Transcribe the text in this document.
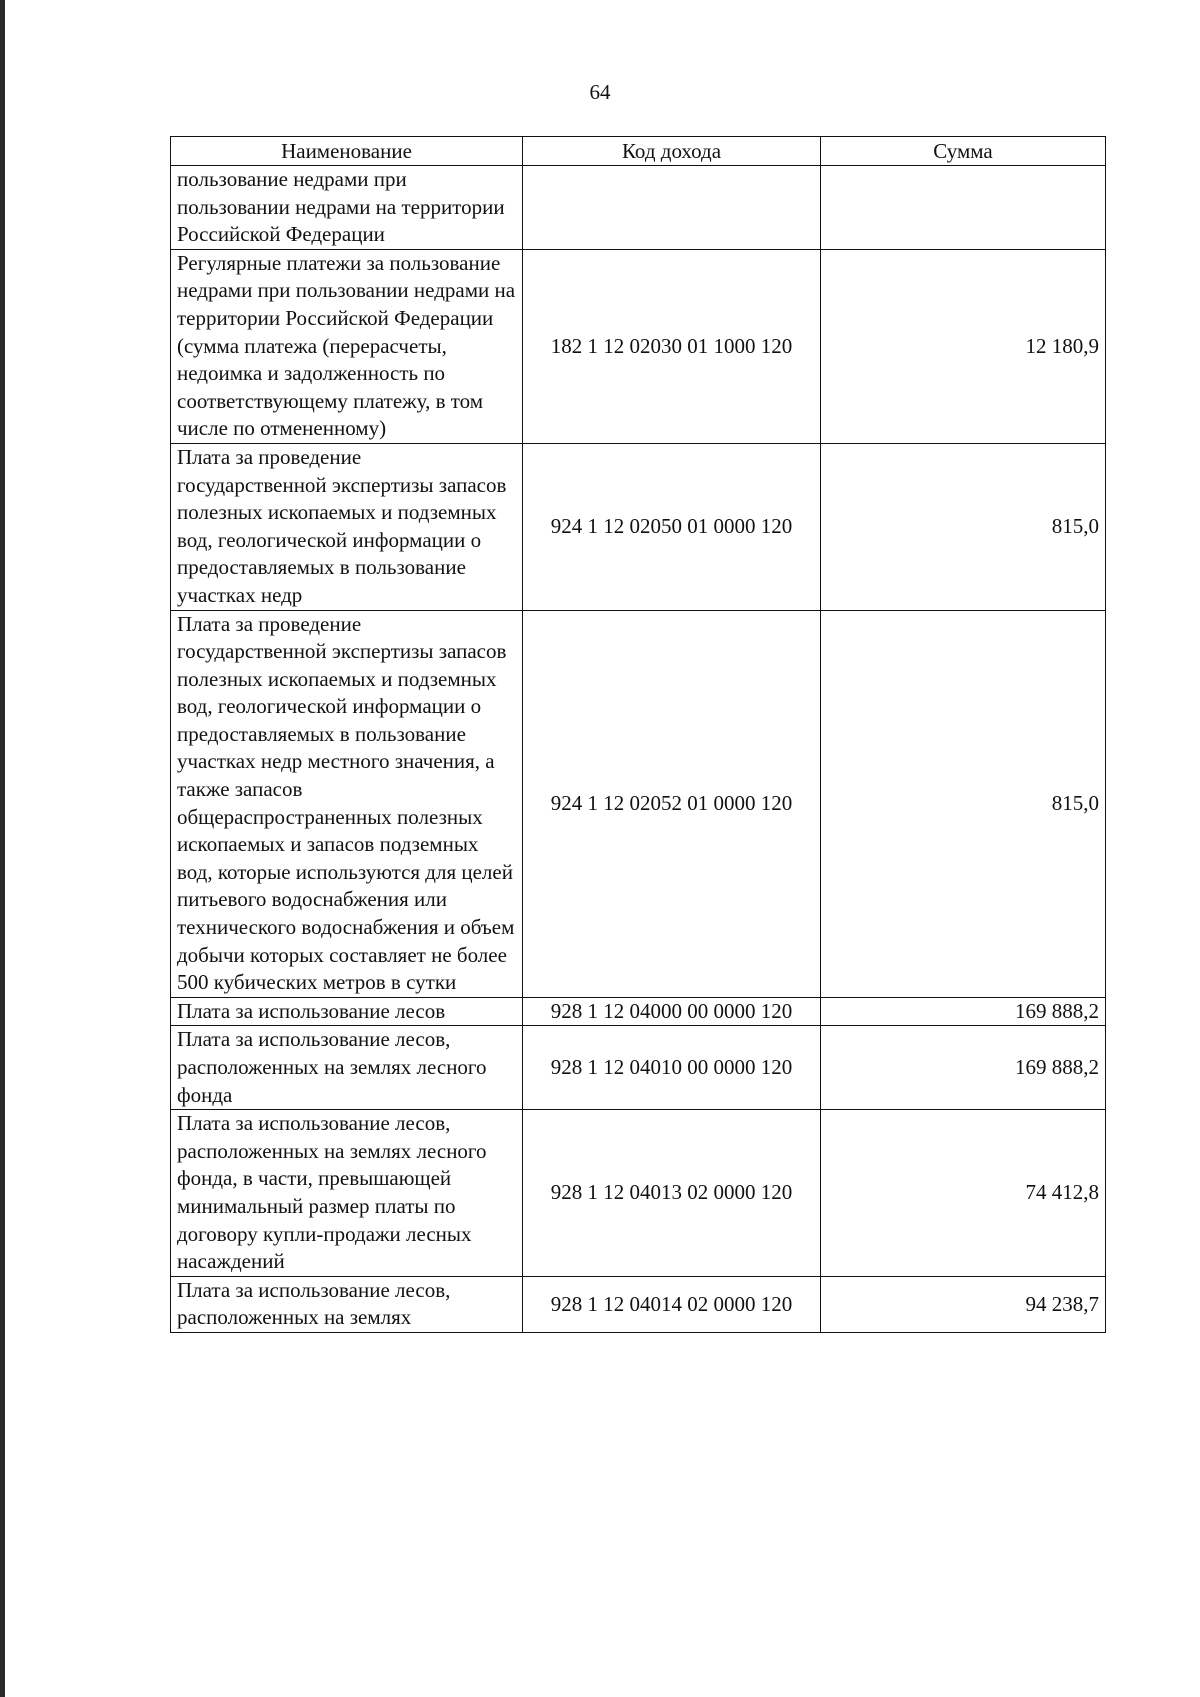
64
Наименование	Код дохода	Сумма
пользование недрами при пользовании недрами на территории Российской Федерации		
Регулярные платежи за пользование недрами при пользовании недрами на территории Российской Федерации (сумма платежа (перерасчеты, недоимка и задолженность по соответствующему платежу, в том числе по отмененному)	182 1 12 02030 01 1000 120	12 180,9
Плата за проведение государственной экспертизы запасов полезных ископаемых и подземных вод, геологической информации о предоставляемых в пользование участках недр	924 1 12 02050 01 0000 120	815,0
Плата за проведение государственной экспертизы запасов полезных ископаемых и подземных вод, геологической информации о предоставляемых в пользование участках недр местного значения, а также запасов общераспространенных полезных ископаемых и запасов подземных вод, которые используются для целей питьевого водоснабжения или технического водоснабжения и объем добычи которых составляет не более 500 кубических метров в сутки	924 1 12 02052 01 0000 120	815,0
Плата за использование лесов	928 1 12 04000 00 0000 120	169 888,2
Плата за использование лесов, расположенных на землях лесного фонда	928 1 12 04010 00 0000 120	169 888,2
Плата за использование лесов, расположенных на землях лесного фонда, в части, превышающей минимальный размер платы по договору купли-продажи лесных насаждений	928 1 12 04013 02 0000 120	74 412,8
Плата за использование лесов, расположенных на землях	928 1 12 04014 02 0000 120	94 238,7
